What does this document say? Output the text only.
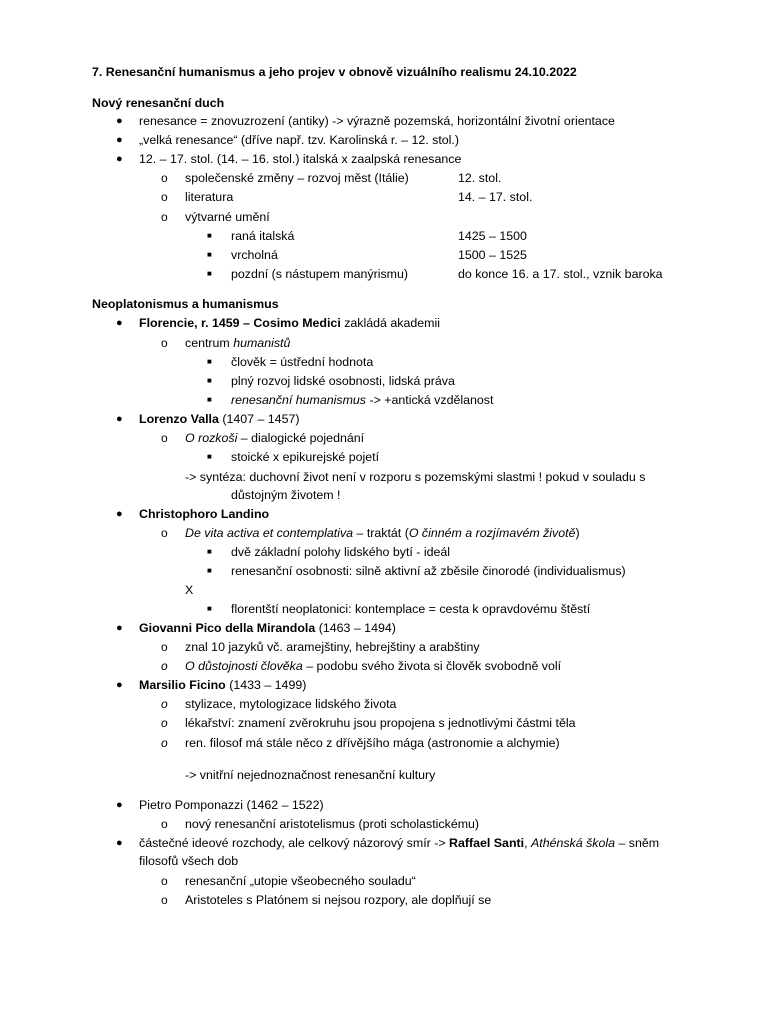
7. Renesanční humanismus a jeho projev v obnově vizuálního realismu 24.10.2022
Nový renesanční duch
● renesance = znovuzrození (antiky) -> výrazně pozemská, horizontální životní orientace
● „velká renesance“ (dříve např. tzv. Karolinská r. – 12. stol.)
● 12. – 17. stol. (14. – 16. stol.) italská x zaalpská renesance
o společenské změny – rozvoj měst (Itálie)	12. stol.
o literatura	14. – 17. stol.
o výtvarné umění
■ raná italská	1425 – 1500
■ vrcholná	1500 – 1525
■ pozdní (s nástupem manýrismu)	do konce 16. a 17. stol., vznik baroka
Neoplatonismus a humanismus
● Florencie, r. 1459 – Cosimo Medici zakládá akademii
o centrum humanistů
■ člověk = ústřední hodnota
■ plný rozvoj lidské osobnosti, lidská práva
■ renesanční humanismus -> +antická vzdělanost
● Lorenzo Valla (1407 – 1457)
o O rozkoši – dialogické pojednání
■ stoické x epikurejské pojetí
-> syntéza: duchovní život není v rozporu s pozemskými slastmi ! pokud v souladu s
důstojným životem !
● Christophoro Landino
o De vita activa et contemplativa – traktát (O činném a rozjímavém životě)
■ dvě základní polohy lidského bytí - ideál
■ renesanční osobnosti: silně aktivní až zběsile činorodé (individualismus)
X
■ florentští neoplatonici: kontemplace = cesta k opravdovému štěstí
● Giovanni Pico della Mirandola (1463 – 1494)
o znal 10 jazyků vč. aramejštiny, hebrejštiny a arabštiny
o O důstojnosti člověka – podobu svého života si člověk svobodně volí
● Marsilio Ficino (1433 – 1499)
o stylizace, mytologizace lidského života
o lékařství: znamení zvěrokruhu jsou propojena s jednotlivými částmi těla
o ren. filosof má stále něco z dřívějšího mága (astronomie a alchymie)
-> vnitřní nejednoznačnost renesanční kultury
● Pietro Pomponazzi (1462 – 1522)
o nový renesanční aristotelismus (proti scholastickému)
● částečné ideové rozchody, ale celkový názorový smír -> Raffael Santi, Athénská škola – sněm
filosofů všech dob
o renesanční „utopie všeobecného souladu“
o Aristoteles s Platónem si nejsou rozpory, ale doplňují se
